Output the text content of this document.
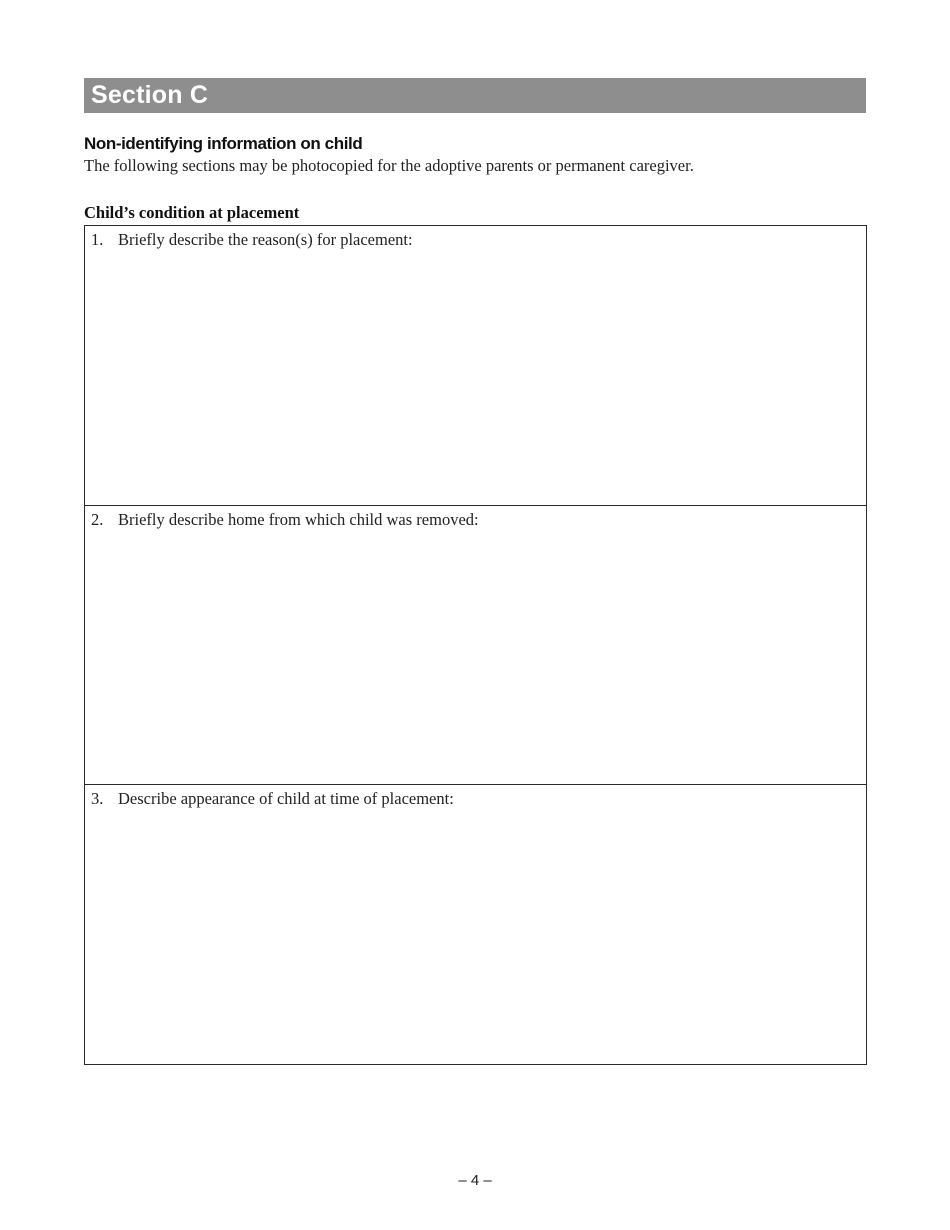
Section C
Non-identifying information on child
The following sections may be photocopied for the adoptive parents or permanent caregiver.
Child’s condition at placement
1. Briefly describe the reason(s) for placement:
2. Briefly describe home from which child was removed:
3. Describe appearance of child at time of placement:
– 4 –
